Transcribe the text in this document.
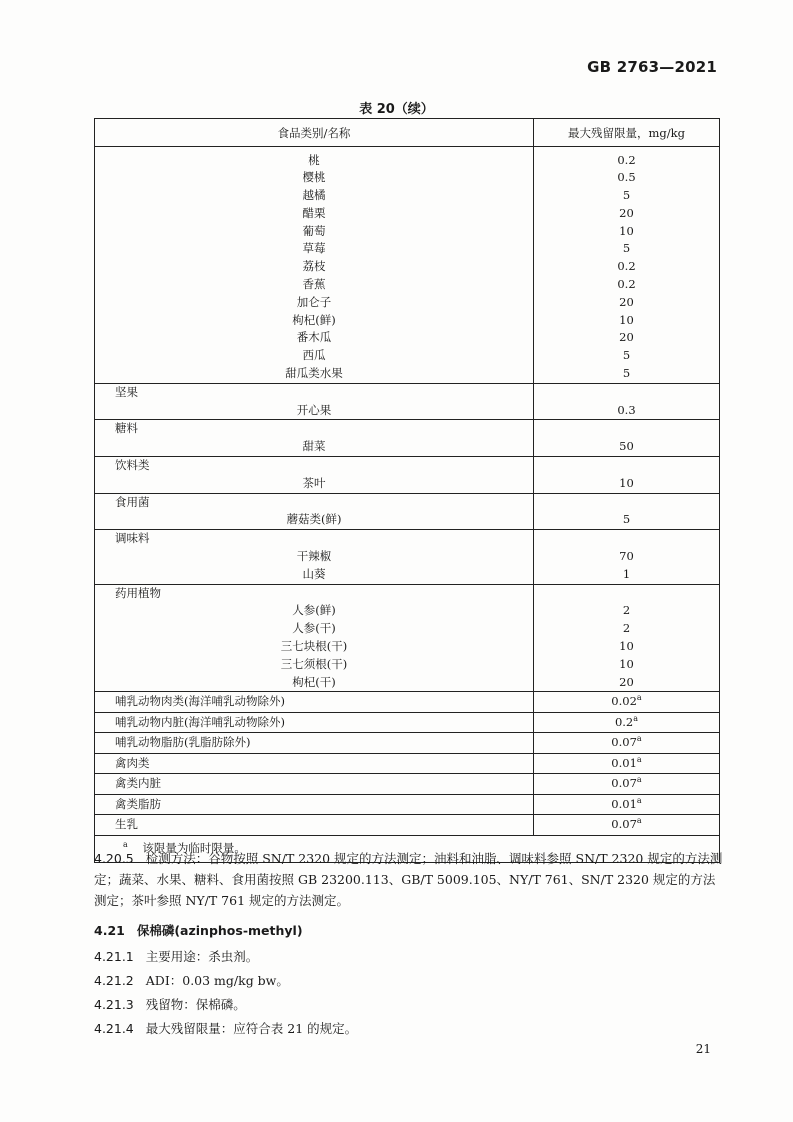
GB 2763—2021
表 20（续）
食品类别/名称	最大残留限量，mg/kg

桃	0.2
樱桃	0.5
越橘	5
醋栗	20
葡萄	10
草莓	5
荔枝	0.2
香蕉	0.2
加仑子	20
枸杞(鲜)	10
番木瓜	20
西瓜	5
甜瓜类水果	5
坚果	
开心果	0.3
糖料	
甜菜	50
饮料类	
茶叶	10
食用菌	
蘑菇类(鲜)	5
调味料	
干辣椒	70
山葵	1
药用植物	
人参(鲜)	2
人参(干)	2
三七块根(干)	10
三七须根(干)	10
枸杞(干)	20
哺乳动物肉类(海洋哺乳动物除外)	0.02$^a$
哺乳动物内脏(海洋哺乳动物除外)	0.2$^a$
哺乳动物脂肪(乳脂肪除外)	0.07$^a$
禽肉类	0.01$^a$
禽类内脏	0.07$^a$
禽类脂肪	0.01$^a$
生乳	0.07$^a$
$^a$ 该限量为临时限量。	
4.20.5 检测方法：谷物按照 SN/T 2320 规定的方法测定；油料和油脂、调味料参照 SN/T 2320 规定的方法测定；蔬菜、水果、糖料、食用菌按照 GB 23200.113、GB/T 5009.105、NY/T 761、SN/T 2320 规定的方法测定；茶叶参照 NY/T 761 规定的方法测定。
4.21 保棉磷(azinphos-methyl)
4.21.1 主要用途：杀虫剂。
4.21.2 ADI：0.03 mg/kg bw。
4.21.3 残留物：保棉磷。
4.21.4 最大残留限量：应符合表 21 的规定。
21
